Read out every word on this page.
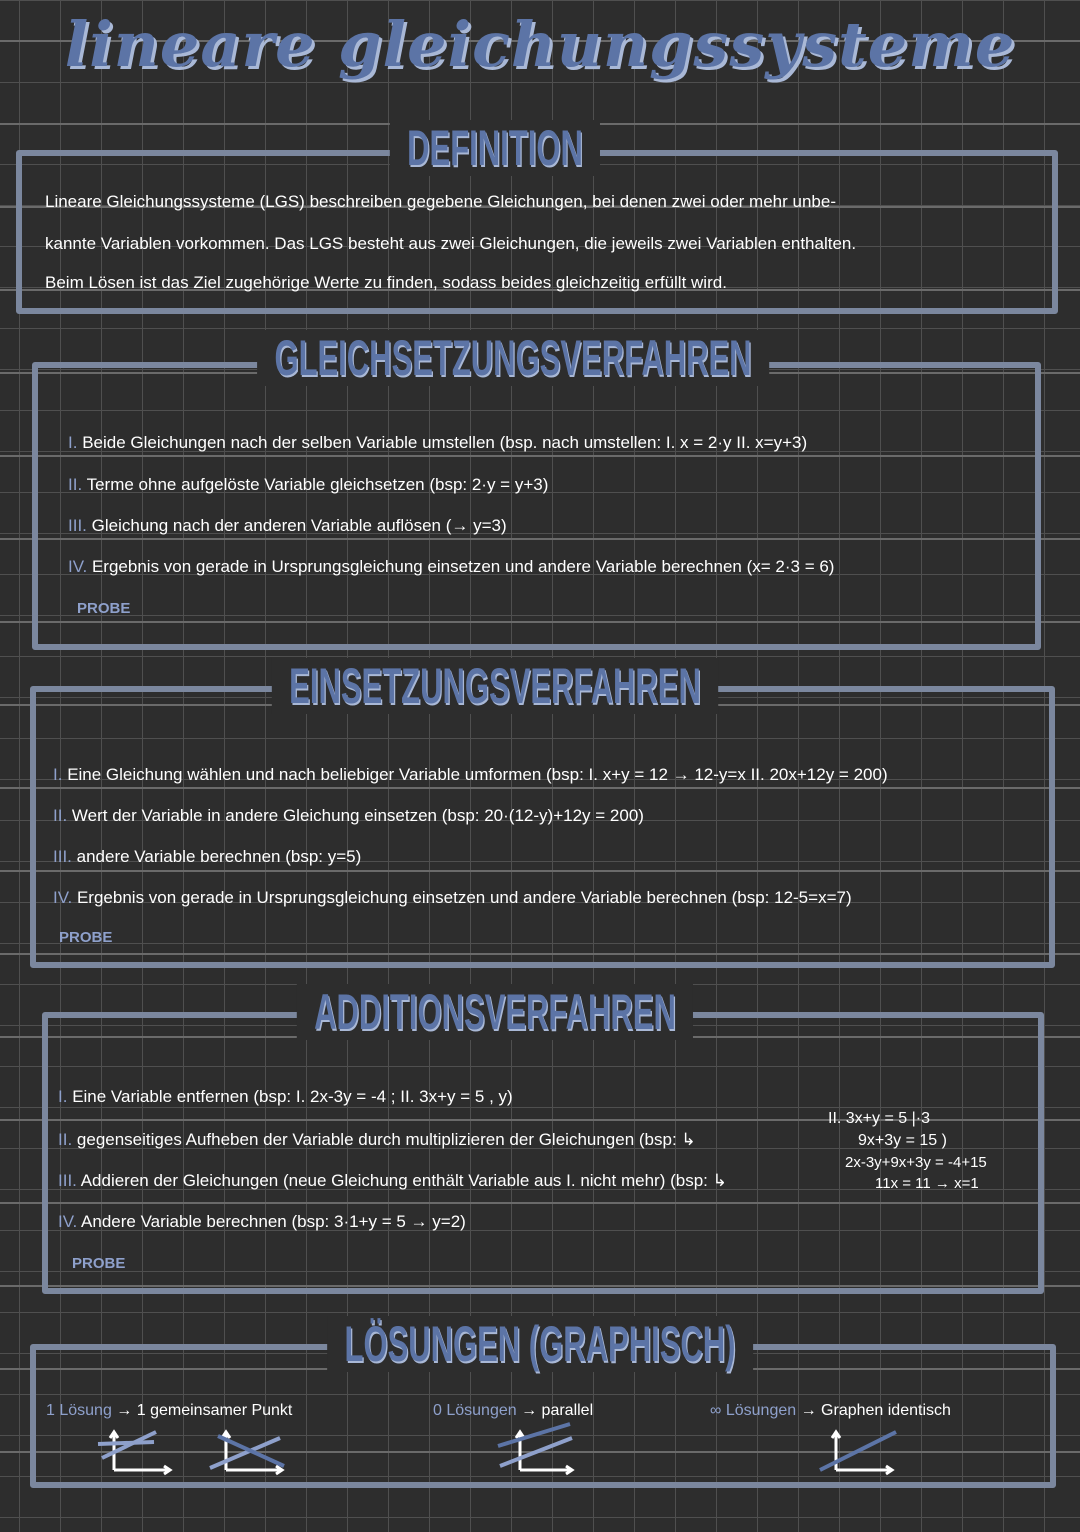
lineare gleichungssysteme
DEFINITION
Lineare Gleichungssysteme (LGS) beschreiben gegebene Gleichungen, bei denen zwei oder mehr unbe-
kannte Variablen vorkommen. Das LGS besteht aus zwei Gleichungen, die jeweils zwei Variablen enthalten.
Beim Lösen ist das Ziel zugehörige Werte zu finden, sodass beides gleichzeitig erfüllt wird.
GLEICHSETZUNGSVERFAHREN
I. Beide Gleichungen nach der selben Variable umstellen (bsp. nach umstellen: I. x = 2·y II. x=y+3)
II. Terme ohne aufgelöste Variable gleichsetzen (bsp: 2·y = y+3)
III. Gleichung nach der anderen Variable auflösen (→ y=3)
IV. Ergebnis von gerade in Ursprungsgleichung einsetzen und andere Variable berechnen (x= 2·3 = 6)
PROBE
EINSETZUNGSVERFAHREN
I. Eine Gleichung wählen und nach beliebiger Variable umformen (bsp: I. x+y = 12 → 12-y=x II. 20x+12y = 200)
II. Wert der Variable in andere Gleichung einsetzen (bsp: 20·(12-y)+12y = 200)
III. andere Variable berechnen (bsp: y=5)
IV. Ergebnis von gerade in Ursprungsgleichung einsetzen und andere Variable berechnen (bsp: 12-5=x=7)
PROBE
ADDITIONSVERFAHREN
I. Eine Variable entfernen (bsp: I. 2x-3y = -4 ; II. 3x+y = 5 , y)
II. gegenseitiges Aufheben der Variable durch multiplizieren der Gleichungen (bsp: ↳
III. Addieren der Gleichungen (neue Gleichung enthält Variable aus I. nicht mehr) (bsp: ↳
IV. Andere Variable berechnen (bsp: 3·1+y = 5 → y=2)
II. 3x+y = 5 |·3
9x+3y = 15 )
2x-3y+9x+3y = -4+15
11x = 11 → x=1
PROBE
LÖSUNGEN (GRAPHISCH)
1 Lösung → 1 gemeinsamer Punkt	0 Lösungen → parallel	∞ Lösungen → Graphen identisch
